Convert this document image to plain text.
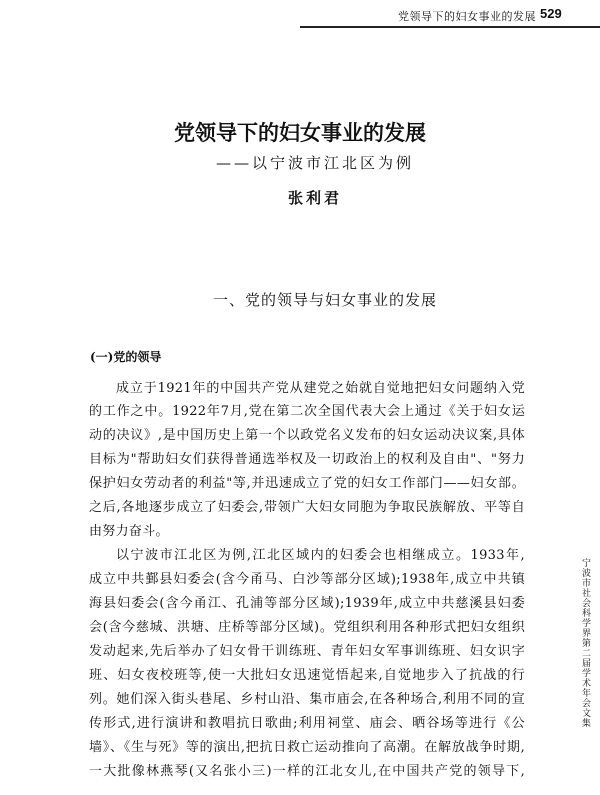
党领导下的妇女事业的发展 529
党领导下的妇女事业的发展
——以宁波市江北区为例
张利君
一、党的领导与妇女事业的发展
(一)党的领导
成立于1921年的中国共产党从建党之始就自觉地把妇女问题纳入党
的工作之中。1922年7月,党在第二次全国代表大会上通过《关于妇女运
动的决议》,是中国历史上第一个以政党名义发布的妇女运动决议案,具体
目标为"帮助妇女们获得普通选举权及一切政治上的权利及自由"、"努力
保护妇女劳动者的利益"等,并迅速成立了党的妇女工作部门——妇女部。
之后,各地逐步成立了妇委会,带领广大妇女同胞为争取民族解放、平等自
由努力奋斗。
以宁波市江北区为例,江北区域内的妇委会也相继成立。1933年,
成立中共鄞县妇委会(含今甬马、白沙等部分区域);1938年,成立中共镇
海县妇委会(含今甬江、孔浦等部分区域);1939年,成立中共慈溪县妇委
会(含今慈城、洪塘、庄桥等部分区域)。党组织利用各种形式把妇女组织
发动起来,先后举办了妇女骨干训练班、青年妇女军事训练班、妇女识字
班、妇女夜校班等,使一大批妇女迅速觉悟起来,自觉地步入了抗战的行
列。她们深入街头巷尾、乡村山沿、集市庙会,在各种场合,利用不同的宣
传形式,进行演讲和教唱抗日歌曲;利用祠堂、庙会、晒谷场等进行《公
墙》、《生与死》等的演出,把抗日救亡运动推向了高潮。在解放战争时期,
一大批像林燕琴(又名张小三)一样的江北女儿,在中国共产党的领导下,
宁波市社会科学界第二届学术年会文集
